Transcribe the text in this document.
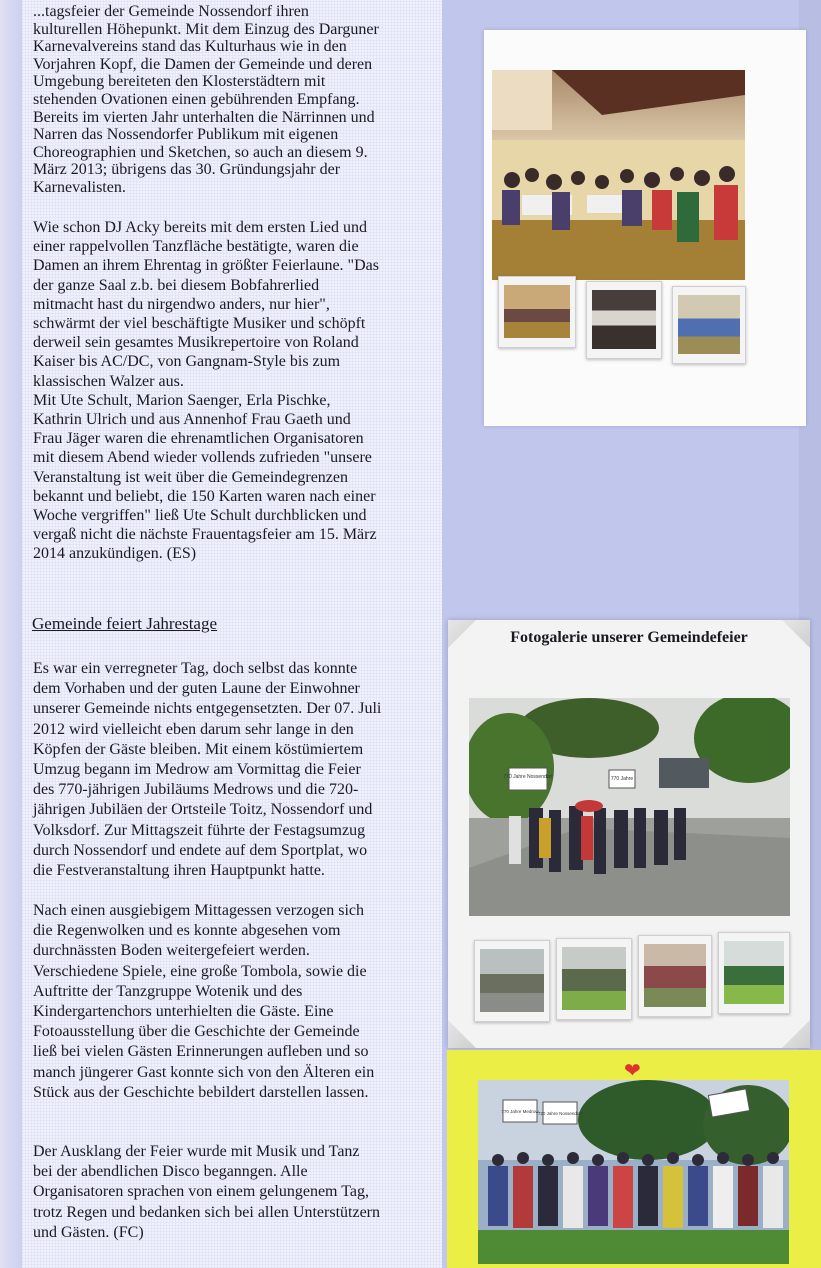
...tagsfeier der Gemeinde Nossendorf ihren

kulturellen Höhepunkt. Mit dem Einzug des Darguner

Karnevalvereins stand das Kulturhaus wie in den

Vorjahren Kopf, die Damen der Gemeinde und deren

Umgebung bereiteten den Klosterstädtern mit

stehenden Ovationen einen gebührenden Empfang.

Bereits im vierten Jahr unterhalten die Närrinnen und

Narren das Nossendorfer Publikum mit eigenen

Choreographien und Sketchen, so auch an diesem 9.

März 2013; übrigens das 30. Gründungsjahr der

Karnevalisten.

Wie schon DJ Acky bereits mit dem ersten Lied und

einer rappelvollen Tanzfläche bestätigte, waren die

Damen an ihrem Ehrentag in größter Feierlaune. "Das

der ganze Saal z.b. bei diesem Bobfahrerlied

mitmacht hast du nirgendwo anders, nur hier",

schwärmt der viel beschäftigte Musiker und schöpft

derweil sein gesamtes Musikrepertoire von Roland

Kaiser bis AC/DC, von Gangnam-Style bis zum

klassischen Walzer aus.

Mit Ute Schult, Marion Saenger, Erla Pischke,

Kathrin Ulrich und aus Annenhof Frau Gaeth und

Frau Jäger waren die ehrenamtlichen Organisatoren

mit diesem Abend wieder vollends zufrieden "unsere

Veranstaltung ist weit über die Gemeindegrenzen

bekannt und beliebt, die 150 Karten waren nach einer

Woche vergriffen" ließ Ute Schult durchblicken und

vergaß nicht die nächste Frauentagsfeier am 15. März

2014 anzukündigen. (ES)

Gemeinde feiert Jahrestage

Es war ein verregneter Tag, doch selbst das konnte

dem Vorhaben und der guten Laune der Einwohner

unserer Gemeinde nichts entgegensetzten. Der 07. Juli

2012 wird vielleicht eben darum sehr lange in den

Köpfen der Gäste bleiben. Mit einem köstümiertem

Umzug begann im Medrow am Vormittag die Feier

des 770-jährigen Jubiläums Medrows und die 720-

jährigen Jubiläen der Ortsteile Toitz, Nossendorf und

Volksdorf. Zur Mittagszeit führte der Festagsumzug

durch Nossendorf und endete auf dem Sportplat, wo

die Festveranstaltung ihren Hauptpunkt hatte.

Nach einen ausgiebigem Mittagessen verzogen sich

die Regenwolken und es konnte abgesehen vom

durchnässten Boden weitergefeiert werden.

Verschiedene Spiele, eine große Tombola, sowie die

Auftritte der Tanzgruppe Wotenik und des

Kindergartenchors unterhielten die Gäste. Eine

Fotoausstellung über die Geschichte der Gemeinde

ließ bei vielen Gästen Erinnerungen aufleben und so

manch jüngerer Gast konnte sich von den Älteren ein

Stück aus der Geschichte bebildert darstellen lassen.

Der Ausklang der Feier wurde mit Musik und Tanz

bei der abendlichen Disco beganngen. Alle

Organisatoren sprachen von einem gelungenem Tag,

trotz Regen und bedanken sich bei allen Unterstützern

und Gästen. (FC)

Fotogalerie unserer Gemeindefeier
770 Jahre Nossendorf	770 Jahre
770 Jahre Medrow 720 Jahre Nossendorf
❤
